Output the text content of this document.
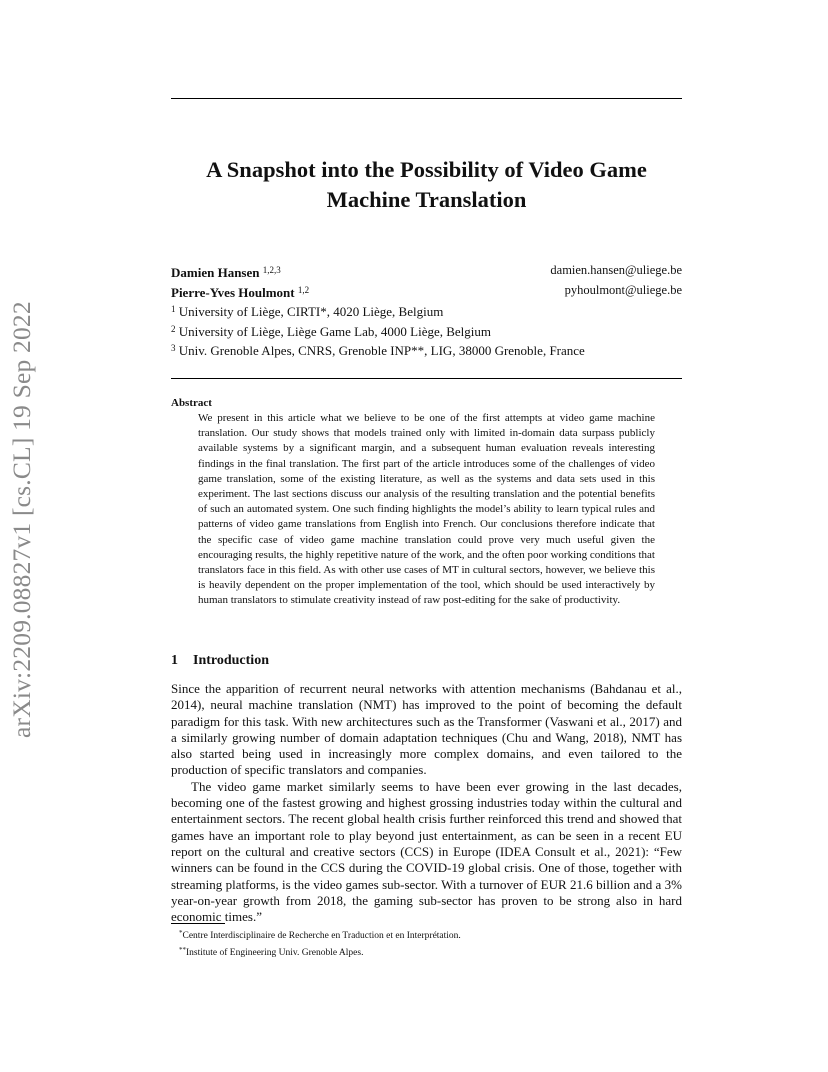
arXiv:2209.08827v1 [cs.CL] 19 Sep 2022
A Snapshot into the Possibility of Video Game Machine Translation
Damien Hansen $^{1,2,3}$	damien.hansen@uliege.be
Pierre-Yves Houlmont $^{1,2}$	pyhoulmont@uliege.be
$^1$ University of Liège, CIRTI*, 4020 Liège, Belgium
$^2$ University of Liège, Liège Game Lab, 4000 Liège, Belgium
$^3$ Univ. Grenoble Alpes, CNRS, Grenoble INP**, LIG, 38000 Grenoble, France
Abstract
We present in this article what we believe to be one of the first attempts at video game machine translation. Our study shows that models trained only with limited in-domain data surpass publicly available systems by a significant margin, and a subsequent human evaluation reveals interesting findings in the final translation. The first part of the article introduces some of the challenges of video game translation, some of the existing literature, as well as the systems and data sets used in this experiment. The last sections discuss our analysis of the resulting translation and the potential benefits of such an automated system. One such finding highlights the model’s ability to learn typical rules and patterns of video game translations from English into French. Our conclusions therefore indicate that the specific case of video game machine translation could prove very much useful given the encouraging results, the highly repetitive nature of the work, and the often poor working conditions that translators face in this field. As with other use cases of MT in cultural sectors, however, we believe this is heavily dependent on the proper implementation of the tool, which should be used interactively by human translators to stimulate creativity instead of raw post-editing for the sake of productivity.
1 Introduction

Since the apparition of recurrent neural networks with attention mechanisms (Bahdanau et al., 2014), neural machine translation (NMT) has improved to the point of becoming the default paradigm for this task. With new architectures such as the Transformer (Vaswani et al., 2017) and a similarly growing number of domain adaptation techniques (Chu and Wang, 2018), NMT has also started being used in increasingly more complex domains, and even tailored to the production of specific translators and companies.

The video game market similarly seems to have been ever growing in the last decades, becoming one of the fastest growing and highest grossing industries today within the cultural and entertainment sectors. The recent global health crisis further reinforced this trend and showed that games have an important role to play beyond just entertainment, as can be seen in a recent EU report on the cultural and creative sectors (CCS) in Europe (IDEA Consult et al., 2021): “Few winners can be found in the CCS during the COVID-19 global crisis. One of those, together with streaming platforms, is the video games sub-sector. With a turnover of EUR 21.6 billion and a 3% year-on-year growth from 2018, the gaming sub-sector has proven to be strong also in hard economic times.”

*Centre Interdisciplinaire de Recherche en Traduction et en Interprétation.
**Institute of Engineering Univ. Grenoble Alpes.
